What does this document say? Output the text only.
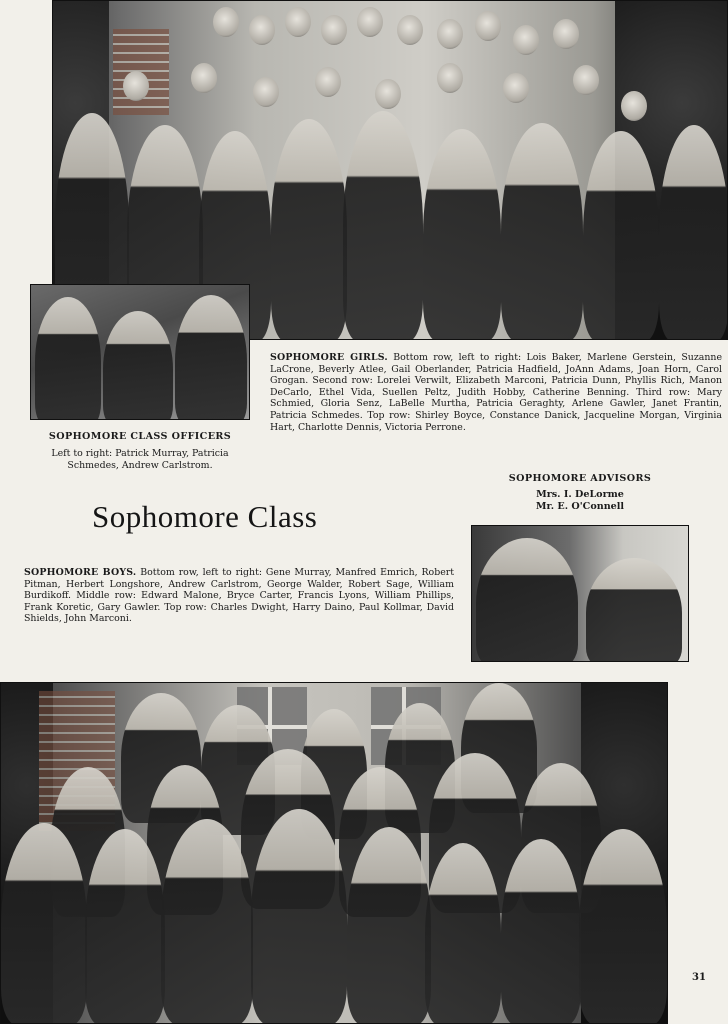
SOPHOMORE GIRLS. Bottom row, left to right: Lois Baker, Marlene Gerstein, Suzanne LaCrone, Beverly Atlee, Gail Oberlander, Patricia Hadfield, JoAnn Adams, Joan Horn, Carol Grogan. Second row: Lorelei Verwilt, Elizabeth Marconi, Patricia Dunn, Phyllis Rich, Manon DeCarlo, Ethel Vida, Suellen Peltz, Judith Hobby, Catherine Benning. Third row: Mary Schmied, Gloria Senz, LaBelle Murtha, Patricia Geraghty, Arlene Gawler, Janet Frantin, Patricia Schmedes. Top row: Shirley Boyce, Constance Danick, Jacqueline Morgan, Virginia Hart, Charlotte Dennis, Victoria Perrone.
SOPHOMORE CLASS OFFICERS
Left to right: Patrick Murray, Patricia Schmedes, Andrew Carlstrom.
SOPHOMORE ADVISORS
Mrs. I. DeLorme
Mr. E. O'Connell
Sophomore Class
SOPHOMORE BOYS. Bottom row, left to right: Gene Murray, Manfred Emrich, Robert Pitman, Herbert Longshore, Andrew Carlstrom, George Walder, Robert Sage, William Burdikoff. Middle row: Edward Malone, Bryce Carter, Francis Lyons, William Phillips, Frank Koretic, Gary Gawler. Top row: Charles Dwight, Harry Daino, Paul Kollmar, David Shields, John Marconi.
31
